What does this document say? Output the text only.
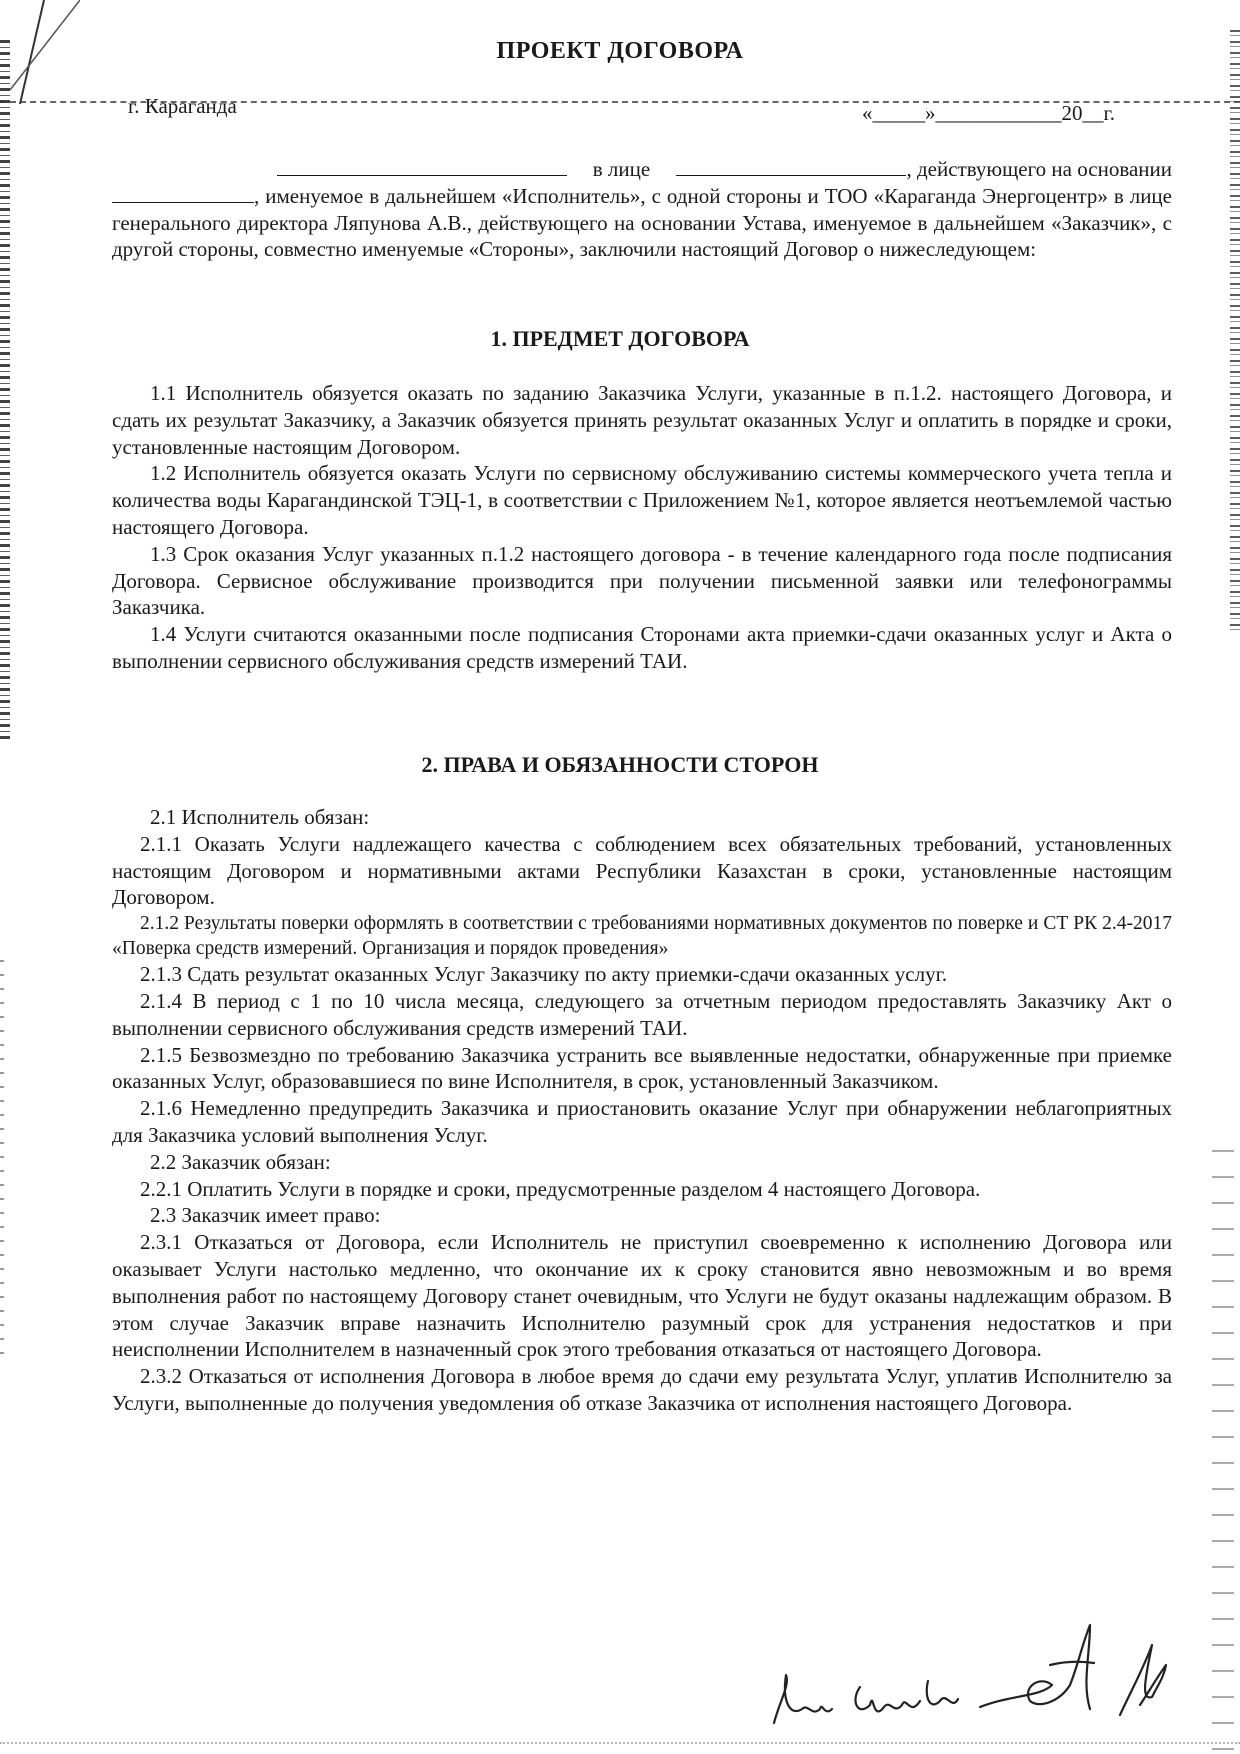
ПРОЕКТ ДОГОВОРА
г. Караганда	«_____»____________20__г.

в лице	, действующего на основании

, именуемое в дальнейшем «Исполнитель», с одной стороны и ТОО «Караганда Энергоцентр» в лице генерального директора Ляпунова А.В., действующего на основании Устава, именуемое в дальнейшем «Заказчик», с другой стороны, совместно именуемые «Стороны», заключили настоящий Договор о нижеследующем:

1. ПРЕДМЕТ ДОГОВОРА

1.1 Исполнитель обязуется оказать по заданию Заказчика Услуги, указанные в п.1.2. настоящего Договора, и сдать их результат Заказчику, а Заказчик обязуется принять результат оказанных Услуг и оплатить в порядке и сроки, установленные настоящим Договором.

1.2 Исполнитель обязуется оказать Услуги по сервисному обслуживанию системы коммерческого учета тепла и количества воды Карагандинской ТЭЦ-1, в соответствии с Приложением №1, которое является неотъемлемой частью настоящего Договора.

1.3 Срок оказания Услуг указанных п.1.2 настоящего договора - в течение календарного года после подписания Договора. Сервисное обслуживание производится при получении письменной заявки или телефонограммы Заказчика.

1.4 Услуги считаются оказанными после подписания Сторонами акта приемки-сдачи оказанных услуг и Акта о выполнении сервисного обслуживания средств измерений ТАИ.

2. ПРАВА И ОБЯЗАННОСТИ СТОРОН

2.1 Исполнитель обязан:

2.1.1 Оказать Услуги надлежащего качества с соблюдением всех обязательных требований, установленных настоящим Договором и нормативными актами Республики Казахстан в сроки, установленные настоящим Договором.

2.1.2 Результаты поверки оформлять в соответствии с требованиями нормативных документов по поверке и СТ РК 2.4-2017 «Поверка средств измерений. Организация и порядок проведения»

2.1.3 Сдать результат оказанных Услуг Заказчику по акту приемки-сдачи оказанных услуг.

2.1.4 В период с 1 по 10 числа месяца, следующего за отчетным периодом предоставлять Заказчику Акт о выполнении сервисного обслуживания средств измерений ТАИ.

2.1.5 Безвозмездно по требованию Заказчика устранить все выявленные недостатки, обнаруженные при приемке оказанных Услуг, образовавшиеся по вине Исполнителя, в срок, установленный Заказчиком.

2.1.6 Немедленно предупредить Заказчика и приостановить оказание Услуг при обнаружении неблагоприятных для Заказчика условий выполнения Услуг.

2.2 Заказчик обязан:

2.2.1 Оплатить Услуги в порядке и сроки, предусмотренные разделом 4 настоящего Договора.

2.3 Заказчик имеет право:

2.3.1 Отказаться от Договора, если Исполнитель не приступил своевременно к исполнению Договора или оказывает Услуги настолько медленно, что окончание их к сроку становится явно невозможным и во время выполнения работ по настоящему Договору станет очевидным, что Услуги не будут оказаны надлежащим образом. В этом случае Заказчик вправе назначить Исполнителю разумный срок для устранения недостатков и при неисполнении Исполнителем в назначенный срок этого требования отказаться от настоящего Договора.

2.3.2 Отказаться от исполнения Договора в любое время до сдачи ему результата Услуг, уплатив Исполнителю за Услуги, выполненные до получения уведомления об отказе Заказчика от исполнения настоящего Договора.
